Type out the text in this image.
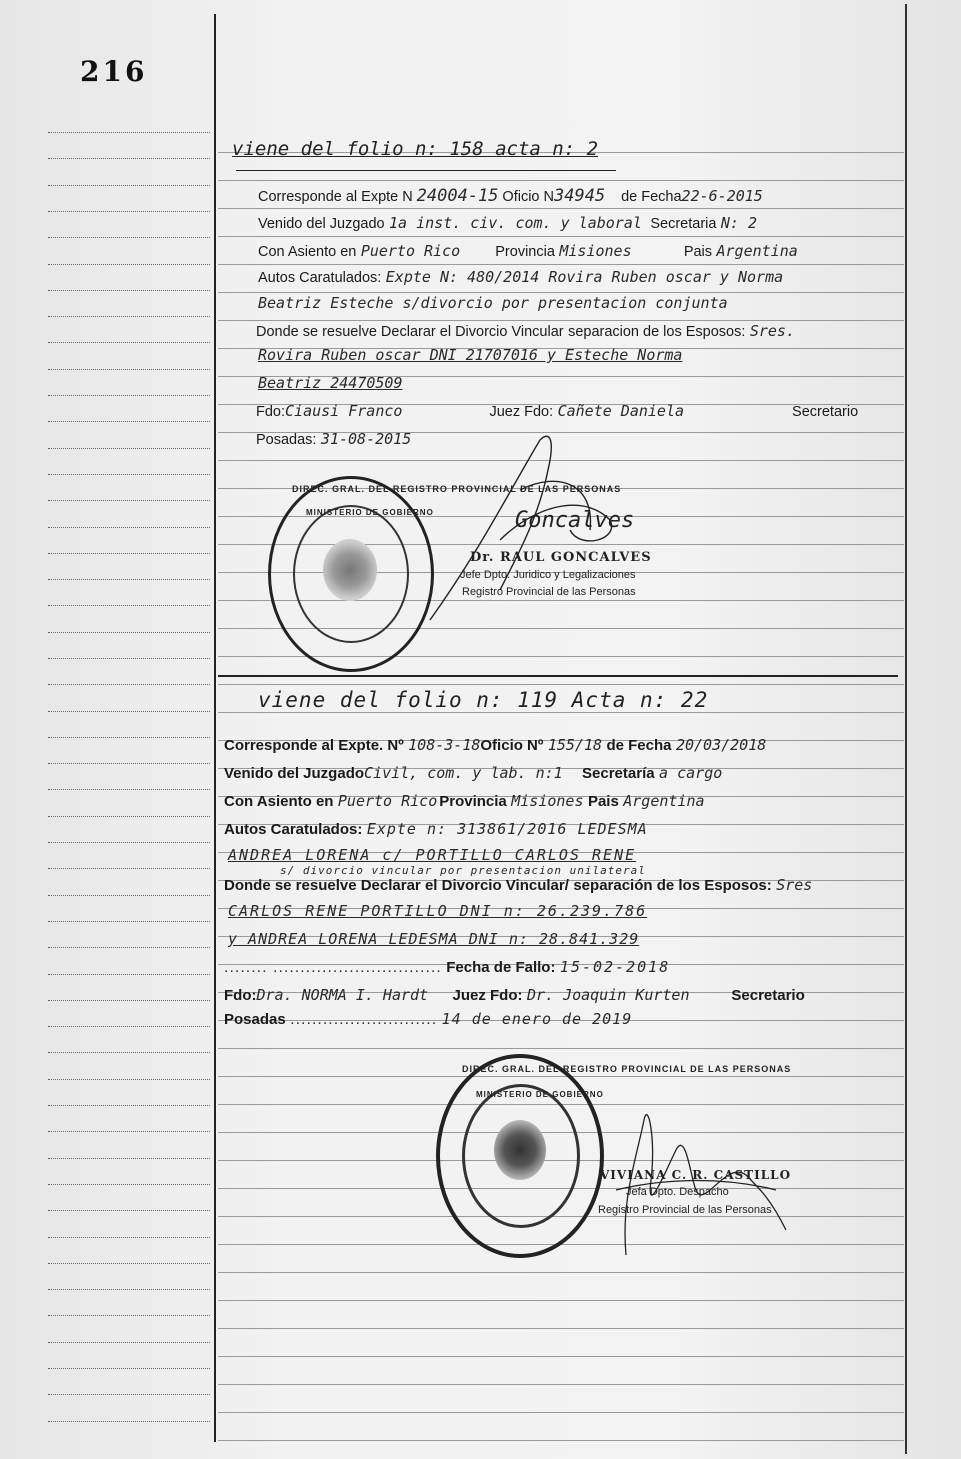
216
viene del folio n: 158 acta n: 2
Corresponde al Expte N 24004-15 Oficio N34945 de Fecha22-6-2015
Venido del Juzgado 1a inst. civ. com. y laboral Secretaria N: 2
Con Asiento en Puerto Rico Provincia Misiones	Pais Argentina
Autos Caratulados: Expte N: 480/2014 Rovira Ruben oscar y Norma
Beatriz Esteche s/divorcio por presentacion conjunta
Donde se resuelve Declarar el Divorcio Vincular separacion de los Esposos: Sres.
Rovira Ruben oscar DNI 21707016 y Esteche Norma
Beatriz 24470509
Fdo:Ciausi Franco	Juez Fdo: Cañete Daniela	Secretario
Posadas: 31-08-2015
DIREC. GRAL. DEL REGISTRO PROVINCIAL DE LAS PERSONAS
MINISTERIO DE GOBIERNO	Goncalves
Dr. RAUL GONCALVES
Jefe Dpto. Juridico y Legalizaciones
Registro Provincial de las Personas
viene del folio n: 119 Acta n: 22
Corresponde al Expte. Nº 108-3-18Oficio Nº 155/18 de Fecha 20/03/2018
Venido del JuzgadoCivil, com. y lab. n:1 Secretaría a cargo
Con Asiento en Puerto Rico Provincia Misiones Pais Argentina
Autos Caratulados: Expte n: 313861/2016 LEDESMA
ANDREA LORENA c/ PORTILLO CARLOS RENE
s/ divorcio vincular por presentacion unilateral
Donde se resuelve Declarar el Divorcio Vincular/ separación de los Esposos: Sres
CARLOS RENE PORTILLO DNI n: 26.239.786
y ANDREA LORENA LEDESMA DNI n: 28.841.329
........ ............................... Fecha de Fallo: 15-02-2018
Fdo:Dra. NORMA I. Hardt Juez Fdo: Dr. Joaquin Kurten	Secretario
Posadas ........................... 14 de enero de 2019
DIREC. GRAL. DEL REGISTRO PROVINCIAL DE LAS PERSONAS
MINISTERIO DE GOBIERNO
VIVIANA C. R. CASTILLO
Jefa Dpto. Despacho
Registro Provincial de las Personas
